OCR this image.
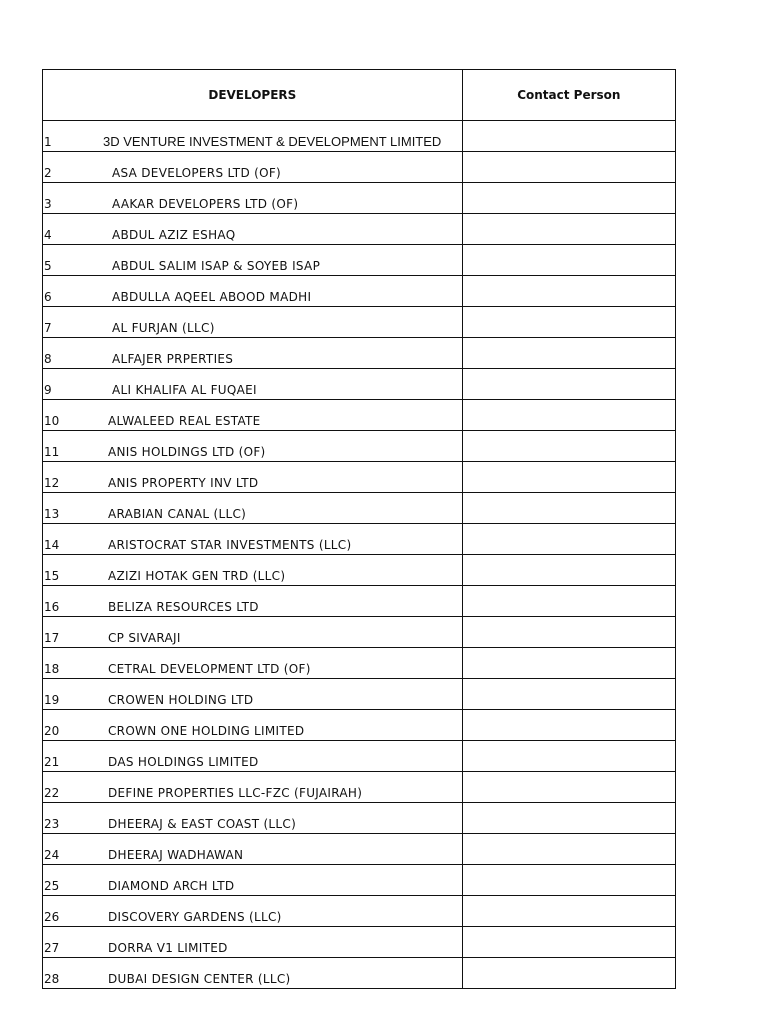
DEVELOPERS	Contact Person
1 3D VENTURE INVESTMENT & DEVELOPMENT LIMITED	

2 ASA DEVELOPERS LTD (OF)	

3 AAKAR DEVELOPERS LTD (OF)	

4 ABDUL AZIZ ESHAQ	

5 ABDUL SALIM ISAP & SOYEB ISAP	

6 ABDULLA AQEEL ABOOD MADHI	

7 AL FURJAN (LLC)	

8 ALFAJER PRPERTIES	

9 ALI KHALIFA AL FUQAEI	

10 ALWALEED REAL ESTATE	

11 ANIS HOLDINGS LTD (OF)	

12 ANIS PROPERTY INV LTD	

13 ARABIAN CANAL (LLC)	

14 ARISTOCRAT STAR INVESTMENTS (LLC)	

15 AZIZI HOTAK GEN TRD (LLC)	

16 BELIZA RESOURCES LTD	

17 CP SIVARAJI	

18 CETRAL DEVELOPMENT LTD (OF)	

19 CROWEN HOLDING LTD	

20 CROWN ONE HOLDING LIMITED	

21 DAS HOLDINGS LIMITED	

22 DEFINE PROPERTIES LLC-FZC (FUJAIRAH)	

23 DHEERAJ & EAST COAST (LLC)	

24 DHEERAJ WADHAWAN	

25 DIAMOND ARCH LTD	

26 DISCOVERY GARDENS (LLC)	

27 DORRA V1 LIMITED	

28 DUBAI DESIGN CENTER (LLC)	
